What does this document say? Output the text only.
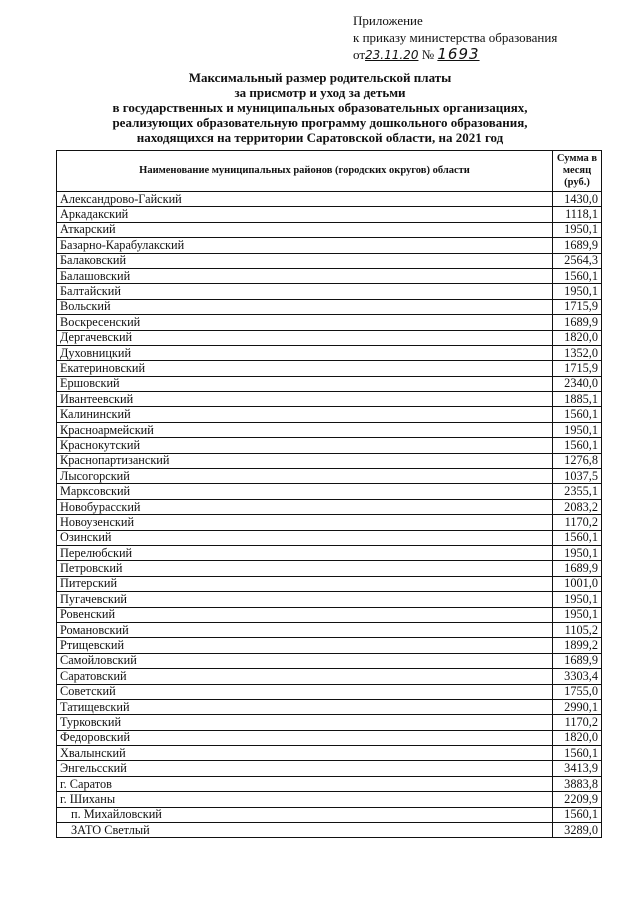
Приложение
к приказу министерства образования
от23.11.20 № 1693
Максимальный размер родительской платы
за присмотр и уход за детьми
в государственных и муниципальных образовательных организациях,
реализующих образовательную программу дошкольного образования,
находящихся на территории Саратовской области, на 2021 год
Наименование муниципальных районов (городских округов) области	Сумма в месяц (руб.)
Александрово-Гайский	1430,0
Аркадакский	1118,1
Аткарский	1950,1
Базарно-Карабулакский	1689,9
Балаковский	2564,3
Балашовский	1560,1
Балтайский	1950,1
Вольский	1715,9
Воскресенский	1689,9
Дергачевский	1820,0
Духовницкий	1352,0
Екатериновский	1715,9
Ершовский	2340,0
Ивантеевский	1885,1
Калининский	1560,1
Красноармейский	1950,1
Краснокутский	1560,1
Краснопартизанский	1276,8
Лысогорский	1037,5
Марксовский	2355,1
Новобурасский	2083,2
Новоузенский	1170,2
Озинский	1560,1
Перелюбский	1950,1
Петровский	1689,9
Питерский	1001,0
Пугачевский	1950,1
Ровенский	1950,1
Романовский	1105,2
Ртищевский	1899,2
Самойловский	1689,9
Саратовский	3303,4
Советский	1755,0
Татищевский	2990,1
Турковский	1170,2
Федоровский	1820,0
Хвалынский	1560,1
Энгельсский	3413,9
г. Саратов	3883,8
г. Шиханы	2209,9
п. Михайловский	1560,1
ЗАТО Светлый	3289,0
